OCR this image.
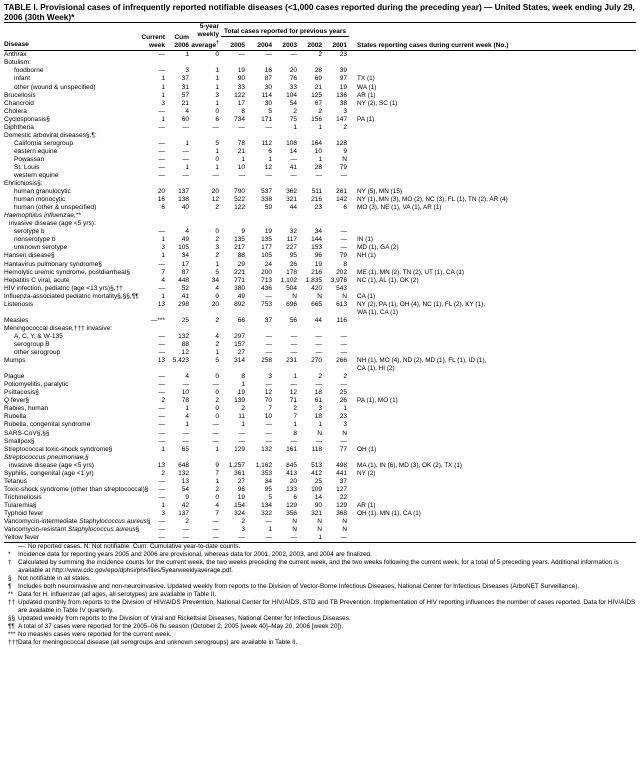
TABLE I. Provisional cases of infrequently reported notifiable diseases (<1,000 cases reported during the preceding year) — United States, week ending July 29, 2006 (30th Week)*
Disease	Current week	Cum 2006	5-year weekly average†	Total cases reported for previous years					States reporting cases during current week (No.)
				2005	2004	2003	2002	2001	

Anthrax	—	1	0	—	—	—	2	23	
Botulism:									
foodborne	—	3	1	19	16	20	28	39	
infant	1	37	1	90	87	76	69	97	TX (1)
other (wound & unspecified)	1	31	1	33	30	33	21	19	WA (1)
Brucellosis	1	57	3	122	114	104	125	136	AR (1)
Chancroid	3	21	1	17	30	54	67	38	NY (2), SC (1)
Cholera	—	4	0	8	5	2	2	3	
Cyclosporiasis§	1	60	6	734	171	75	156	147	PA (1)
Diphtheria	—	—	—	—	—	1	1	2	
Domestic arboviral diseases§,¶:									
California serogroup	—	1	5	78	112	108	164	128	
eastern equine	—	—	1	21	6	14	10	9	
Powassan	—	—	0	1	1	—	1	N	
St. Louis	—	1	1	10	12	41	28	79	
western equine	—	—	—	—	—	—	—	—	
Ehrlichiosis§:									
human granulocytic	20	137	20	790	537	362	511	261	NY (5), MN (15)
human monocytic	16	138	12	522	338	321	216	142	NY (1), MN (3), MO (2), NC (3), FL (1), TN (2), AR (4)
human (other & unspecified)	6	40	2	122	59	44	23	6	MO (3), NE (1), VA (1), AR (1)
Haemophilus influenzae,**									
invasive disease (age <5 yrs):									
serotype b	—	4	0	9	19	32	34	—	
nonserotype b	1	49	2	135	135	117	144	—	IN (1)
unknown serotype	3	105	3	217	177	227	153	—	MD (1), GA (2)
Hansen disease§	1	34	2	88	105	95	96	79	NH (1)
Hantavirus pulmonary syndrome§	—	17	1	29	24	26	19	8	
Hemolytic uremic syndrome, postdiarrheal§	7	87	5	221	200	178	216	202	ME (1), MN (2), TN (2), UT (1), CA (1)
Hepatitis C viral, acute	4	448	34	771	713	1,102	1,835	3,976	NC (1), AL (1), OK (2)
HIV infection, pediatric (age <13 yrs)§,††	—	52	4	380	436	504	420	543	
Influenza-associated pediatric mortality§,§§,¶¶	1	41	0	49	—	N	N	N	CA (1)
Listeriosis	13	298	20	892	753	696	665	613	NY (2), PA (1), OH (4), NC (1), FL (2), KY (1),
									WA (1), CA (1)
Measles	—***	25	2	66	37	56	44	116	
Meningococcal disease,††† invasive:									
A, C, Y, & W-135	—	132	4	297	—	—	—	—	
serogroup B	—	88	2	157	—	—	—	—	
other serogroup	—	12	1	27	—	—	—	—	
Mumps	13	5,423	5	314	258	231	270	266	NH (1), MO (4), ND (2), MD (1), FL (1), ID (1),
									CA (1), HI (2)
Plague	—	4	0	8	3	1	2	2	
Poliomyelitis, paralytic	—	—	—	1	—	—	—	—	
Psittacosis§	—	10	0	19	12	12	18	25	
Q fever§	2	78	2	139	70	71	61	26	PA (1), MO (1)
Rabies, human	—	1	0	2	7	2	3	1	
Rubella	—	4	0	11	10	7	18	23	
Rubella, congenital syndrome	—	1	—	1	—	1	1	3	
SARS-CoV§,§§	—	—	—	—	—	8	N	N	
Smallpox§	—	—	—	—	—	—	—	—	
Streptococcal toxic-shock syndrome§	1	65	1	129	132	161	118	77	OH (1)
Streptococcus pneumoniae,§									
invasive disease (age <5 yrs)	13	648	9	1,257	1,162	845	513	498	MA (1), IN (6), MD (3), OK (2), TX (1)
Syphilis, congenital (age <1 yr)	2	132	7	361	353	413	412	441	NY (2)
Tetanus	—	13	1	27	34	20	25	37	
Toxic-shock syndrome (other than streptococcal)§	—	54	2	96	95	133	109	127	
Trichinellosis	—	9	0	19	5	6	14	22	
Tularemia§	1	42	4	154	134	129	90	129	AR (1)
Typhoid fever	3	137	7	324	322	356	321	368	OH (1), MN (1), CA (1)
Vancomycin-intermediate Staphylococcus aureus§	—	2	—	2	—	N	N	N	
Vancomycin-resistant Staphylococcus aureus§	—	—	—	3	1	N	N	N	
Yellow fever	—	—	—	—	—	—	1	—	
—: No reported cases. N: Not notifiable. Cum: Cumulative year-to-date counts.
* Incidence data for reporting years 2005 and 2006 are provisional, whereas data for 2001, 2002, 2003, and 2004 are finalized.
† Calculated by summing the incidence counts for the current week, the two weeks preceding the current week, and the two weeks following the current week, for a total of 5 preceding years. Additional information is available at http://www.cdc.gov/epo/dphsi/phs/files/5yearweeklyaverage.pdf.
§ Not notifiable in all states.
¶ Includes both neuroinvasive and non-neuroinvasive. Updated weekly from reports to the Division of Vector-Borne Infectious Diseases, National Center for Infectious Diseases (ArboNET Surveillance).
** Data for H. influenzae (all ages, all serotypes) are available in Table II.
†† Updated monthly from reports to the Division of HIV/AIDS Prevention, National Center for HIV/AIDS, STD and TB Prevention. Implementation of HIV reporting influences the number of cases reported. Data for HIV/AIDS are available in Table IV quarterly.
§§ Updated weekly from reports to the Division of Viral and Rickettsial Diseases, National Center for Infectious Diseases.
¶¶ A total of 37 cases were reported for the 2005–06 flu season (October 2, 2005 [week 40]–May 20, 2006 [week 20]).
*** No measles cases were reported for the current week.
†††Data for meningococcal disease (all serogroups and unknown serogroups) are available in Table II.
